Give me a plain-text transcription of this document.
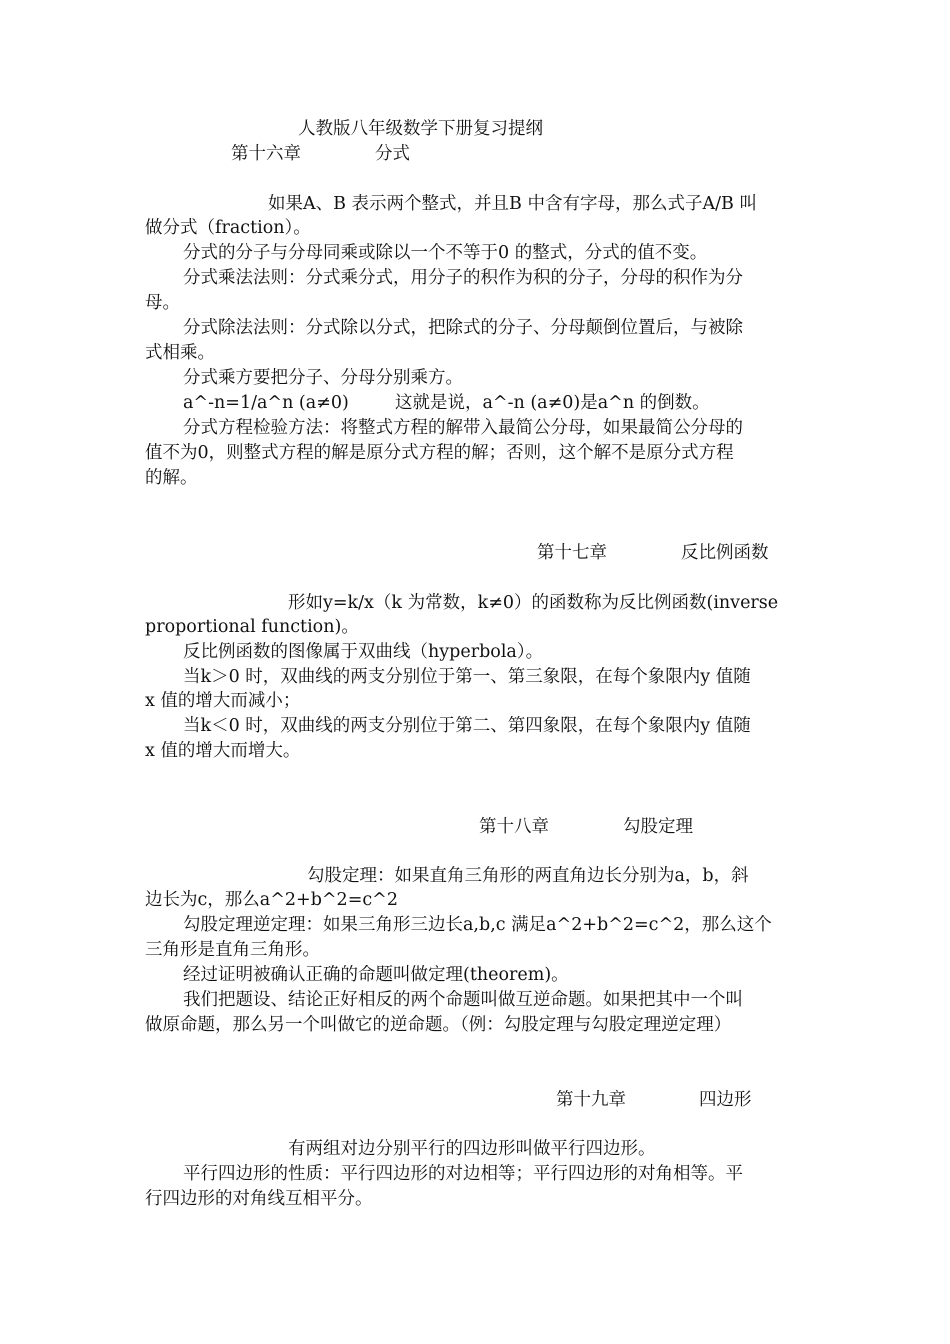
人教版八年级数学下册复习提纲
第十六章	分式
如果A、B 表示两个整式，并且B 中含有字母，那么式子A/B 叫
做分式（fraction）。
分式的分子与分母同乘或除以一个不等于0 的整式，分式的值不变。
分式乘法法则：分式乘分式，用分子的积作为积的分子，分母的积作为分
母。
分式除法法则：分式除以分式，把除式的分子、分母颠倒位置后，与被除
式相乘。
分式乘方要把分子、分母分别乘方。
a^-n=1/a^n (a≠0)	这就是说，a^-n (a≠0)是a^n 的倒数。
分式方程检验方法：将整式方程的解带入最简公分母，如果最简公分母的
值不为0，则整式方程的解是原分式方程的解；否则，这个解不是原分式方程
的解。
第十七章	反比例函数
形如y=k/x（k 为常数，k≠0）的函数称为反比例函数(inverse
proportional function)。
反比例函数的图像属于双曲线（hyperbola）。
当k＞0 时，双曲线的两支分别位于第一、第三象限，在每个象限内y 值随
x 值的增大而减小；
当k＜0 时，双曲线的两支分别位于第二、第四象限，在每个象限内y 值随
x 值的增大而增大。
第十八章	勾股定理
勾股定理：如果直角三角形的两直角边长分别为a，b，斜
边长为c，那么a^2+b^2=c^2
勾股定理逆定理：如果三角形三边长a,b,c 满足a^2+b^2=c^2，那么这个
三角形是直角三角形。
经过证明被确认正确的命题叫做定理(theorem)。
我们把题设、结论正好相反的两个命题叫做互逆命题。如果把其中一个叫
做原命题，那么另一个叫做它的逆命题。（例：勾股定理与勾股定理逆定理）
第十九章	四边形
有两组对边分别平行的四边形叫做平行四边形。
平行四边形的性质：平行四边形的对边相等；平行四边形的对角相等。平
行四边形的对角线互相平分。
